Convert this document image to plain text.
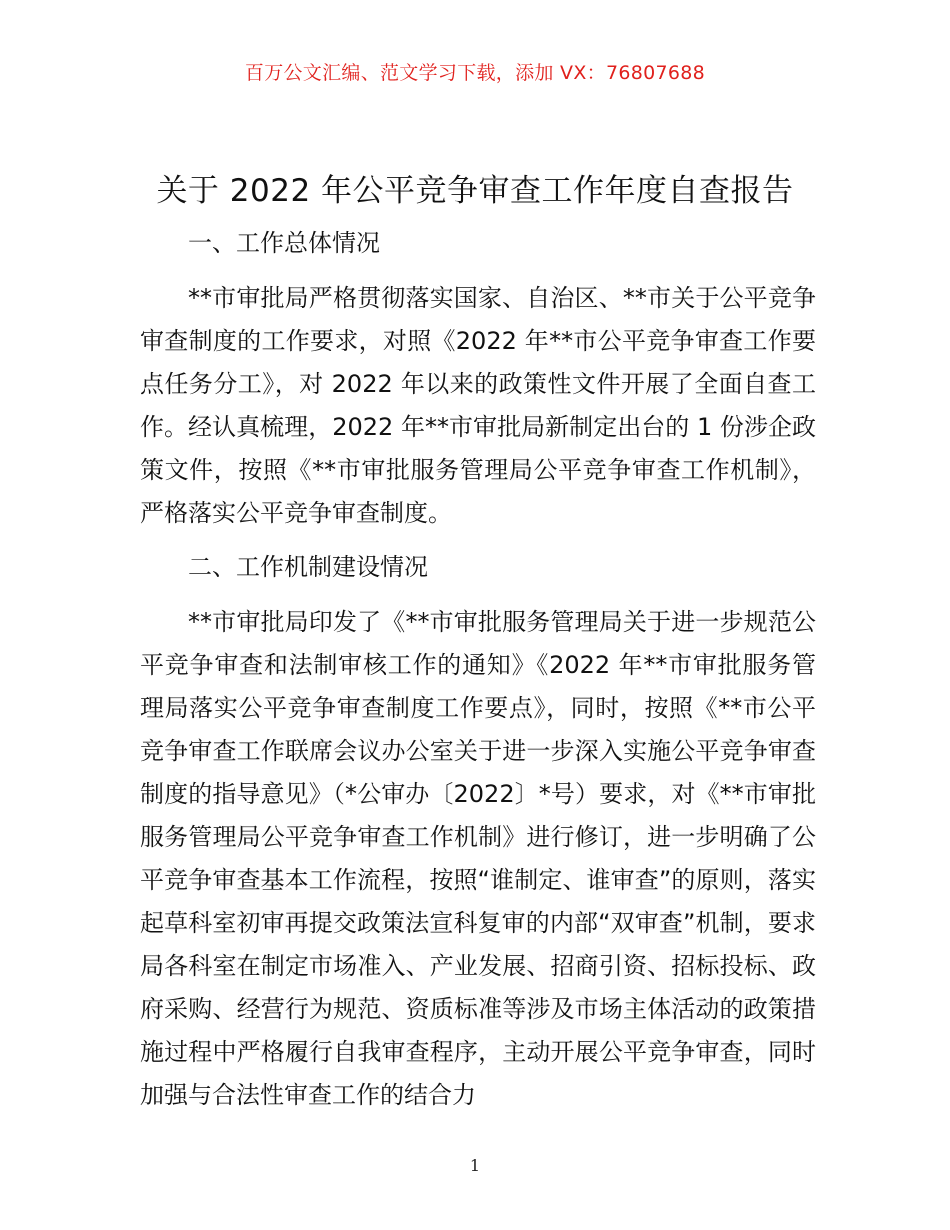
百万公文汇编、范文学习下载，添加 VX：76807688
关于 2022 年公平竞争审查工作年度自查报告

一、工作总体情况

**市审批局严格贯彻落实国家、自治区、**市关于公平竞争审查制度的工作要求，对照《2022 年**市公平竞争审查工作要点任务分工》，对 2022 年以来的政策性文件开展了全面自查工作。经认真梳理，2022 年**市审批局新制定出台的 1 份涉企政策文件，按照《**市审批服务管理局公平竞争审查工作机制》，严格落实公平竞争审查制度。

二、工作机制建设情况

**市审批局印发了《**市审批服务管理局关于进一步规范公平竞争审查和法制审核工作的通知》《2022 年**市审批服务管理局落实公平竞争审查制度工作要点》，同时，按照《**市公平竞争审查工作联席会议办公室关于进一步深入实施公平竞争审查制度的指导意见》（*公审办〔2022〕*号）要求，对《**市审批服务管理局公平竞争审查工作机制》进行修订，进一步明确了公平竞争审查基本工作流程，按照“谁制定、谁审查”的原则，落实起草科室初审再提交政策法宣科复审的内部“双审查”机制，要求局各科室在制定市场准入、产业发展、招商引资、招标投标、政府采购、经营行为规范、资质标准等涉及市场主体活动的政策措施过程中严格履行自我审查程序，主动开展公平竞争审查，同时加强与合法性审查工作的结合力

1
